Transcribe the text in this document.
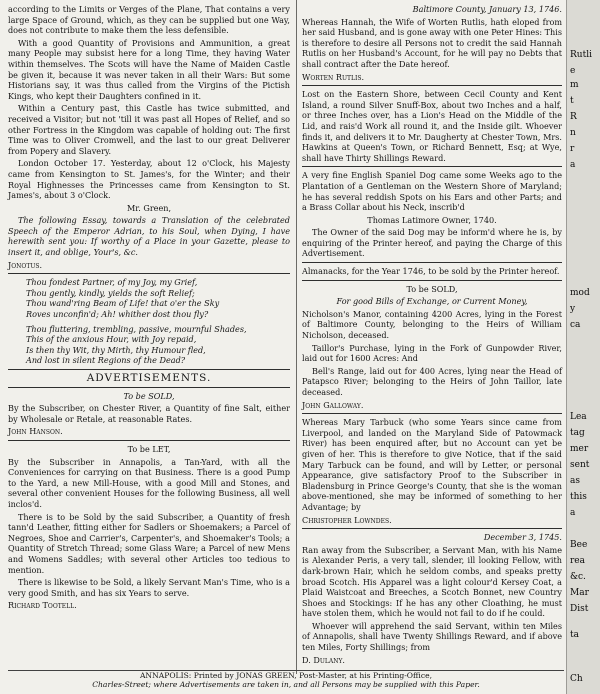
according to the Limits or Verges of the Plane, That contains a very large Space of Ground, which, as they can be supplied but one Way, does not contribute to make them the less defensible.

With a good Quantity of Provisions and Ammunition, a great many People may subsist here for a long Time, they having Water within themselves. The Scots will have the Name of Maiden Castle be given it, because it was never taken in all their Wars: But some Historians say, it was thus called from the Virgins of the Pictish Kings, who kept their Daughters confined in it.

Within a Century past, this Castle has twice submitted, and received a Visitor; but not 'till it was past all Hopes of Relief, and so other Fortress in the Kingdom was capable of holding out: The first Time was to Oliver Cromwell, and the last to our great Deliverer from Popery and Slavery.

London October 17. Yesterday, about 12 o'Clock, his Majesty came from Kensington to St. James's, for the Winter; and their Royal Highnesses the Princesses came from Kensington to St. James's, about 3 o'Clock.

Mr. Green,

The following Essay, towards a Translation of the celebrated Speech of the Emperor Adrian, to his Soul, when Dying, I have herewith sent you: If worthy of a Place in your Gazette, please to insert it, and oblige, Your's, &c.

Jonotus.

Thou fondest Partner, of my Joy, my Grief,
Thou gently, kindly, yields the soft Relief;
Thou wand'ring Beam of Life! that o'er the Sky
Roves unconfin'd; Ah! whither dost thou fly?
Thou fluttering, trembling, passive, mournful Shades,
This of the anxious Hour, with Joy repaid,
Is then thy Wit, thy Mirth, thy Humour fled,
And lost in silent Regions of the Dead?

ADVERTISEMENTS.

To be SOLD,

By the Subscriber, on Chester River, a Quantity of fine Salt, either by Wholesale or Retale, at reasonable Rates.

John Hanson.

To be LET,

By the Subscriber in Annapolis, a Tan-Yard, with all the Conveniences for carrying on that Business. There is a good Pump to the Yard, a new Mill-House, with a good Mill and Stones, and several other convenient Houses for the following Business, all well inclos'd.

There is to be Sold by the said Subscriber, a Quantity of fresh tann'd Leather, fitting either for Sadlers or Shoemakers; a Parcel of Negroes, Shoe and Carrier's, Carpenter's, and Shoemaker's Tools; a Quantity of Stretch Thread; some Glass Ware; a Parcel of new Mens and Womens Saddles; with several other Articles too tedious to mention.

There is likewise to be Sold, a likely Servant Man's Time, who is a very good Smith, and has six Years to serve.

Richard Tootell.

Baltimore County, January 13, 1746.

Whereas Hannah, the Wife of Worten Rutlis, hath eloped from her said Husband, and is gone away with one Peter Hines: This is therefore to desire all Persons not to credit the said Hannah Rutlis on her Husband's Account, for he will pay no Debts that shall contract after the Date hereof.

Worten Rutlis.

Lost on the Eastern Shore, between Cecil County and Kent Island, a round Silver Snuff-Box, about two Inches and a half, or three Inches over, has a Lion's Head on the Middle of the Lid, and rais'd Work all round it, and the Inside gilt. Whoever finds it, and delivers it to Mr. Daugherty at Chester Town, Mrs. Hawkins at Queen's Town, or Richard Bennett, Esq; at Wye, shall have Thirty Shillings Reward.

A very fine English Spaniel Dog came some Weeks ago to the Plantation of a Gentleman on the Western Shore of Maryland; he has several reddish Spots on his Ears and other Parts; and a Brass Collar about his Neck, inscrib'd

Thomas Latimore Owner, 1740.

The Owner of the said Dog may be inform'd where he is, by enquiring of the Printer hereof, and paying the Charge of this Advertisement.

Almanacks, for the Year 1746, to be sold by the Printer hereof.

To be SOLD,

For good Bills of Exchange, or Current Money,

Nicholson's Manor, containing 4200 Acres, lying in the Forest of Baltimore County, belonging to the Heirs of William Nicholson, deceased.

Taillor's Purchase, lying in the Fork of Gunpowder River, laid out for 1600 Acres: And

Bell's Range, laid out for 400 Acres, lying near the Head of Patapsco River; belonging to the Heirs of John Taillor, late deceased.

John Galloway.

Whereas Mary Tarbuck (who some Years since came from Liverpool, and landed on the Maryland Side of Patowmack River) has been enquired after, but no Account can yet be given of her. This is therefore to give Notice, that if the said Mary Tarbuck can be found, and will by Letter, or personal Appearance, give satisfactory Proof to the Subscriber in Bladensburg in Prince George's County, that she is the woman above-mentioned, she may be informed of something to her Advantage; by

Christopher Lowndes.

December 3, 1745.

Ran away from the Subscriber, a Servant Man, with his Name is Alexander Peris, a very tall, slender, ill looking Fellow, with dark-brown Hair, which he seldom combs, and speaks pretty broad Scotch. His Apparel was a light colour'd Kersey Coat, a Plaid Waistcoat and Breeches, a Scotch Bonnet, new Country Shoes and Stockings: If he has any other Cloathing, he must have stolen them, which he would not fail to do if he could.

Whoever will apprehend the said Servant, within ten Miles of Annapolis, shall have Twenty Shillings Reward, and if above ten Miles, Forty Shillings; from

D. Dulany.

ANNAPOLIS: Printed by JONAS GREEN, Post-Master, at his Printing-Office,
Charles-Street; where Advertisements are taken in, and all Persons may be supplied with this Paper.
Rutli
e
m
t
R
n
r
a
mod
y
ca
Lea
tag
mer
sent
as
this
a
Bee
rea
&c.
Mar
Dist
ta
Ch
